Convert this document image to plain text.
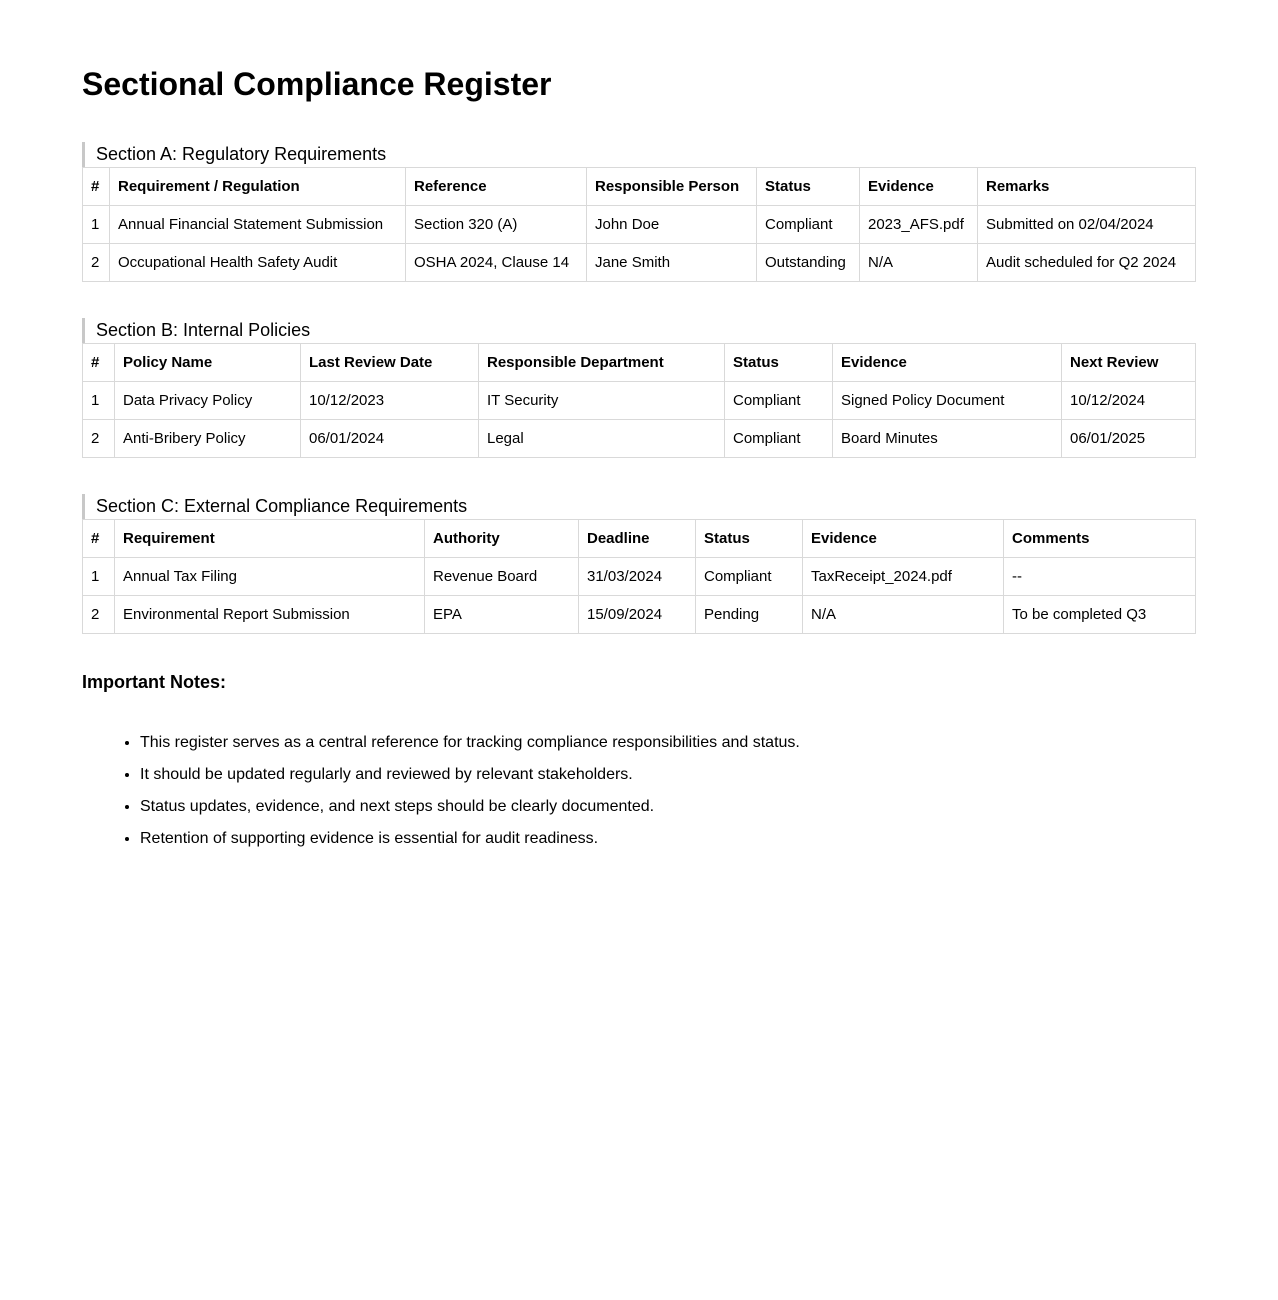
Sectional Compliance Register
Section A: Regulatory Requirements
#	Requirement / Regulation	Reference	Responsible Person	Status	Evidence	Remarks
1	Annual Financial Statement Submission	Section 320 (A)	John Doe	Compliant	2023_AFS.pdf	Submitted on 02/04/2024
2	Occupational Health Safety Audit	OSHA 2024, Clause 14	Jane Smith	Outstanding	N/A	Audit scheduled for Q2 2024
Section B: Internal Policies
#	Policy Name	Last Review Date	Responsible Department	Status	Evidence	Next Review
1	Data Privacy Policy	10/12/2023	IT Security	Compliant	Signed Policy Document	10/12/2024
2	Anti-Bribery Policy	06/01/2024	Legal	Compliant	Board Minutes	06/01/2025
Section C: External Compliance Requirements
#	Requirement	Authority	Deadline	Status	Evidence	Comments
1	Annual Tax Filing	Revenue Board	31/03/2024	Compliant	TaxReceipt_2024.pdf	--
2	Environmental Report Submission	EPA	15/09/2024	Pending	N/A	To be completed Q3
Important Notes:
• This register serves as a central reference for tracking compliance responsibilities and status.
• It should be updated regularly and reviewed by relevant stakeholders.
• Status updates, evidence, and next steps should be clearly documented.
• Retention of supporting evidence is essential for audit readiness.
